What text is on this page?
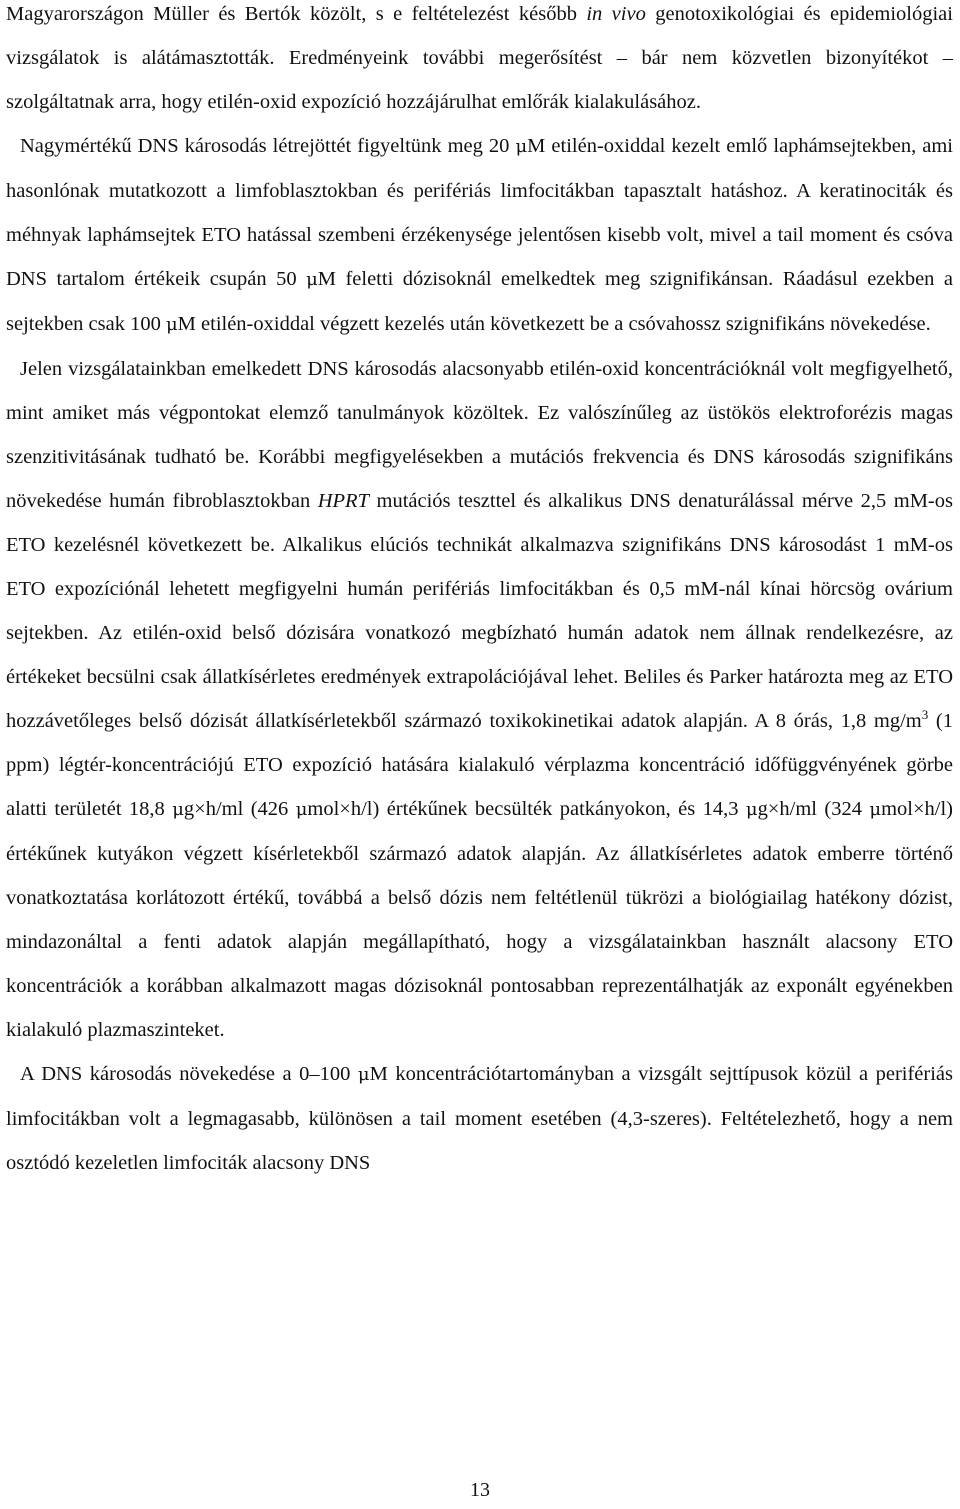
Magyarországon Müller és Bertók közölt, s e feltételezést később in vivo genotoxikológiai és epidemiológiai vizsgálatok is alátámasztották. Eredményeink további megerősítést – bár nem közvetlen bizonyítékot – szolgáltatnak arra, hogy etilén-oxid expozíció hozzájárulhat emlőrák kialakulásához.

Nagymértékű DNS károsodás létrejöttét figyeltünk meg 20 μM etilén-oxiddal kezelt emlő laphámsejtekben, ami hasonlónak mutatkozott a limfoblasztokban és perifériás limfocitákban tapasztalt hatáshoz. A keratinociták és méhnyak laphámsejtek ETO hatással szembeni érzékenysége jelentősen kisebb volt, mivel a tail moment és csóva DNS tartalom értékeik csupán 50 μM feletti dózisoknál emelkedtek meg szignifikánsan. Ráadásul ezekben a sejtekben csak 100 μM etilén-oxiddal végzett kezelés után következett be a csóvahossz szignifikáns növekedése.

Jelen vizsgálatainkban emelkedett DNS károsodás alacsonyabb etilén-oxid koncentrációknál volt megfigyelhető, mint amiket más végpontokat elemző tanulmányok közöltek. Ez valószínűleg az üstökös elektroforézis magas szenzitivitásának tudható be. Korábbi megfigyelésekben a mutációs frekvencia és DNS károsodás szignifikáns növekedése humán fibroblasztokban HPRT mutációs teszttel és alkalikus DNS denaturálással mérve 2,5 mM-os ETO kezelésnél következett be. Alkalikus elúciós technikát alkalmazva szignifikáns DNS károsodást 1 mM-os ETO expozíciónál lehetett megfigyelni humán perifériás limfocitákban és 0,5 mM-nál kínai hörcsög ovárium sejtekben. Az etilén-oxid belső dózisára vonatkozó megbízható humán adatok nem állnak rendelkezésre, az értékeket becsülni csak állatkísérletes eredmények extrapolációjával lehet. Beliles és Parker határozta meg az ETO hozzávetőleges belső dózisát állatkísérletekből származó toxikokinetikai adatok alapján. A 8 órás, 1,8 $mg/m^3$ (1 ppm) légtér-koncentrációjú ETO expozíció hatására kialakuló vérplazma koncentráció időfüggvényének görbe alatti területét 18,8 μg×h/ml (426 μmol×h/l) értékűnek becsülték patkányokon, és 14,3 μg×h/ml (324 μmol×h/l) értékűnek kutyákon végzett kísérletekből származó adatok alapján. Az állatkísérletes adatok emberre történő vonatkoztatása korlátozott értékű, továbbá a belső dózis nem feltétlenül tükrözi a biológiailag hatékony dózist, mindazonáltal a fenti adatok alapján megállapítható, hogy a vizsgálatainkban használt alacsony ETO koncentrációk a korábban alkalmazott magas dózisoknál pontosabban reprezentálhatják az exponált egyénekben kialakuló plazmaszinteket.

A DNS károsodás növekedése a 0–100 μM koncentrációtartományban a vizsgált sejttípusok közül a perifériás limfocitákban volt a legmagasabb, különösen a tail moment esetében (4,3-szeres). Feltételezhető, hogy a nem osztódó kezeletlen limfociták alacsony DNS

13
